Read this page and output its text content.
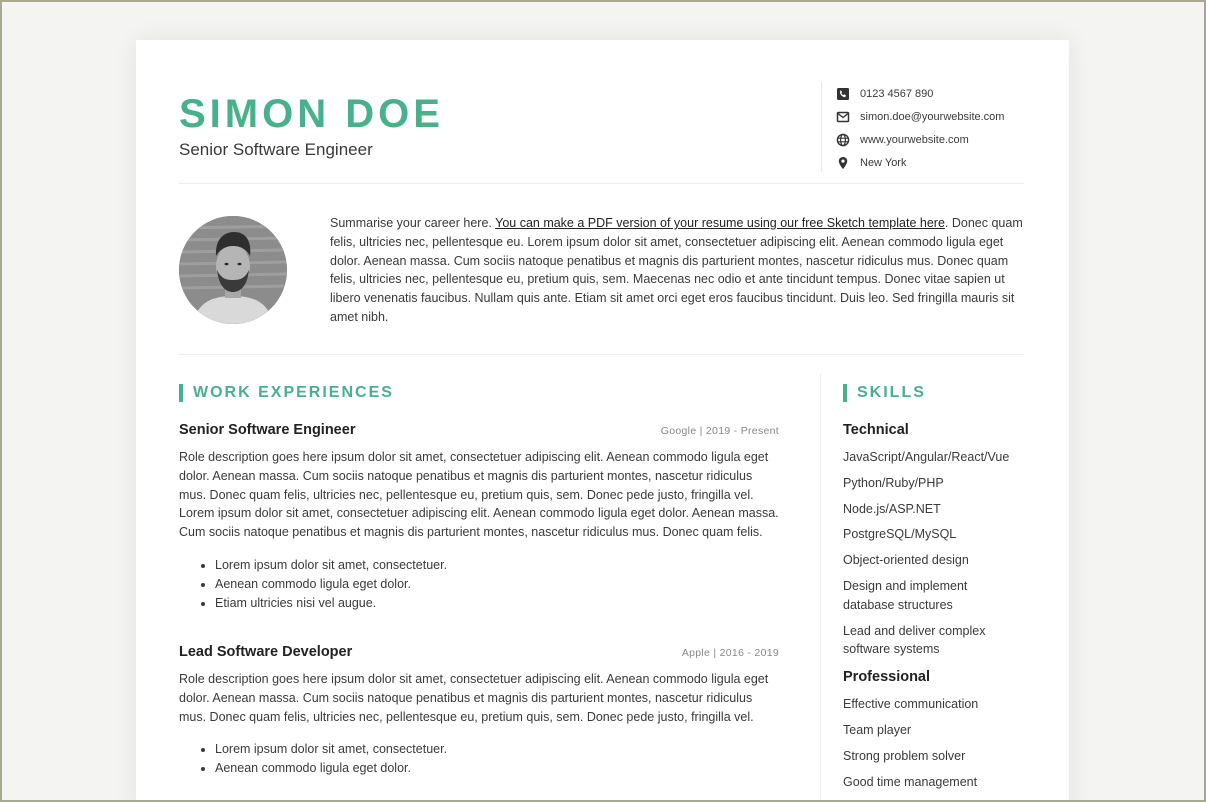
SIMON DOE
Senior Software Engineer
0123 4567 890
simon.doe@yourwebsite.com
www.yourwebsite.com
New York

Summarise your career here. You can make a PDF version of your resume using our free Sketch template here. Donec quam felis, ultricies nec, pellentesque eu. Lorem ipsum dolor sit amet, consectetuer adipiscing elit. Aenean commodo ligula eget dolor. Aenean massa. Cum sociis natoque penatibus et magnis dis parturient montes, nascetur ridiculus mus. Donec quam felis, ultricies nec, pellentesque eu, pretium quis, sem. Maecenas nec odio et ante tincidunt tempus. Donec vitae sapien ut libero venenatis faucibus. Nullam quis ante. Etiam sit amet orci eget eros faucibus tincidunt. Duis leo. Sed fringilla mauris sit amet nibh.

WORK EXPERIENCES	SKILLS
Senior Software Engineer	Google | 2019 - Present

Role description goes here ipsum dolor sit amet, consectetuer adipiscing elit. Aenean commodo ligula eget dolor. Aenean massa. Cum sociis natoque penatibus et magnis dis parturient montes, nascetur ridiculus mus. Donec quam felis, ultricies nec, pellentesque eu, pretium quis, sem. Donec pede justo, fringilla vel. Lorem ipsum dolor sit amet, consectetuer adipiscing elit. Aenean commodo ligula eget dolor. Aenean massa. Cum sociis natoque penatibus et magnis dis parturient montes, nascetur ridiculus mus. Donec quam felis.

• Lorem ipsum dolor sit amet, consectetuer.
• Aenean commodo ligula eget dolor.
• Etiam ultricies nisi vel augue.
Lead Software Developer	Apple | 2016 - 2019

Role description goes here ipsum dolor sit amet, consectetuer adipiscing elit. Aenean commodo ligula eget dolor. Aenean massa. Cum sociis natoque penatibus et magnis dis parturient montes, nascetur ridiculus mus. Donec quam felis, ultricies nec, pellentesque eu, pretium quis, sem. Donec pede justo, fringilla vel.

• Lorem ipsum dolor sit amet, consectetuer.
• Aenean commodo ligula eget dolor.
Technical
JavaScript/Angular/React/Vue
Python/Ruby/PHP
Node.js/ASP.NET
PostgreSQL/MySQL
Object-oriented design
Design and implement database structures
Lead and deliver complex software systems
Professional
Effective communication
Team player
Strong problem solver
Good time management
